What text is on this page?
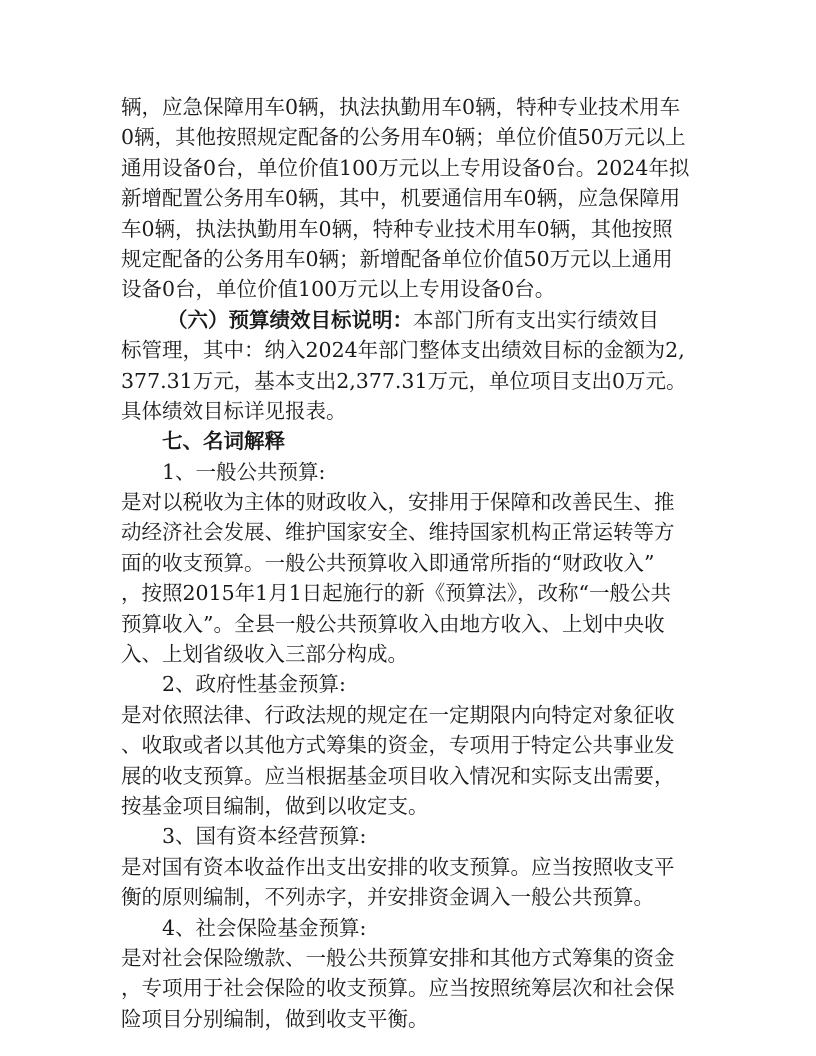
辆，应急保障用车0辆，执法执勤用车0辆，特种专业技术用车
0辆，其他按照规定配备的公务用车0辆；单位价值50万元以上
通用设备0台，单位价值100万元以上专用设备0台。2024年拟
新增配置公务用车0辆，其中，机要通信用车0辆，应急保障用
车0辆，执法执勤用车0辆，特种专业技术用车0辆，其他按照
规定配备的公务用车0辆；新增配备单位价值50万元以上通用
设备0台，单位价值100万元以上专用设备0台。
（六）预算绩效目标说明：本部门所有支出实行绩效目
标管理，其中：纳入2024年部门整体支出绩效目标的金额为2,
377.31万元，基本支出2,377.31万元，单位项目支出0万元。
具体绩效目标详见报表。
七、名词解释
1、一般公共预算:
是对以税收为主体的财政收入，安排用于保障和改善民生、推
动经济社会发展、维护国家安全、维持国家机构正常运转等方
面的收支预算。一般公共预算收入即通常所指的“财政收入”
，按照2015年1月1日起施行的新《预算法》，改称“一般公共
预算收入”。全县一般公共预算收入由地方收入、上划中央收
入、上划省级收入三部分构成。
2、政府性基金预算:
是对依照法律、行政法规的规定在一定期限内向特定对象征收
、收取或者以其他方式筹集的资金，专项用于特定公共事业发
展的收支预算。应当根据基金项目收入情况和实际支出需要，
按基金项目编制，做到以收定支。
3、国有资本经营预算:
是对国有资本收益作出支出安排的收支预算。应当按照收支平
衡的原则编制，不列赤字，并安排资金调入一般公共预算。
4、社会保险基金预算:
是对社会保险缴款、一般公共预算安排和其他方式筹集的资金
，专项用于社会保险的收支预算。应当按照统筹层次和社会保
险项目分别编制，做到收支平衡。
